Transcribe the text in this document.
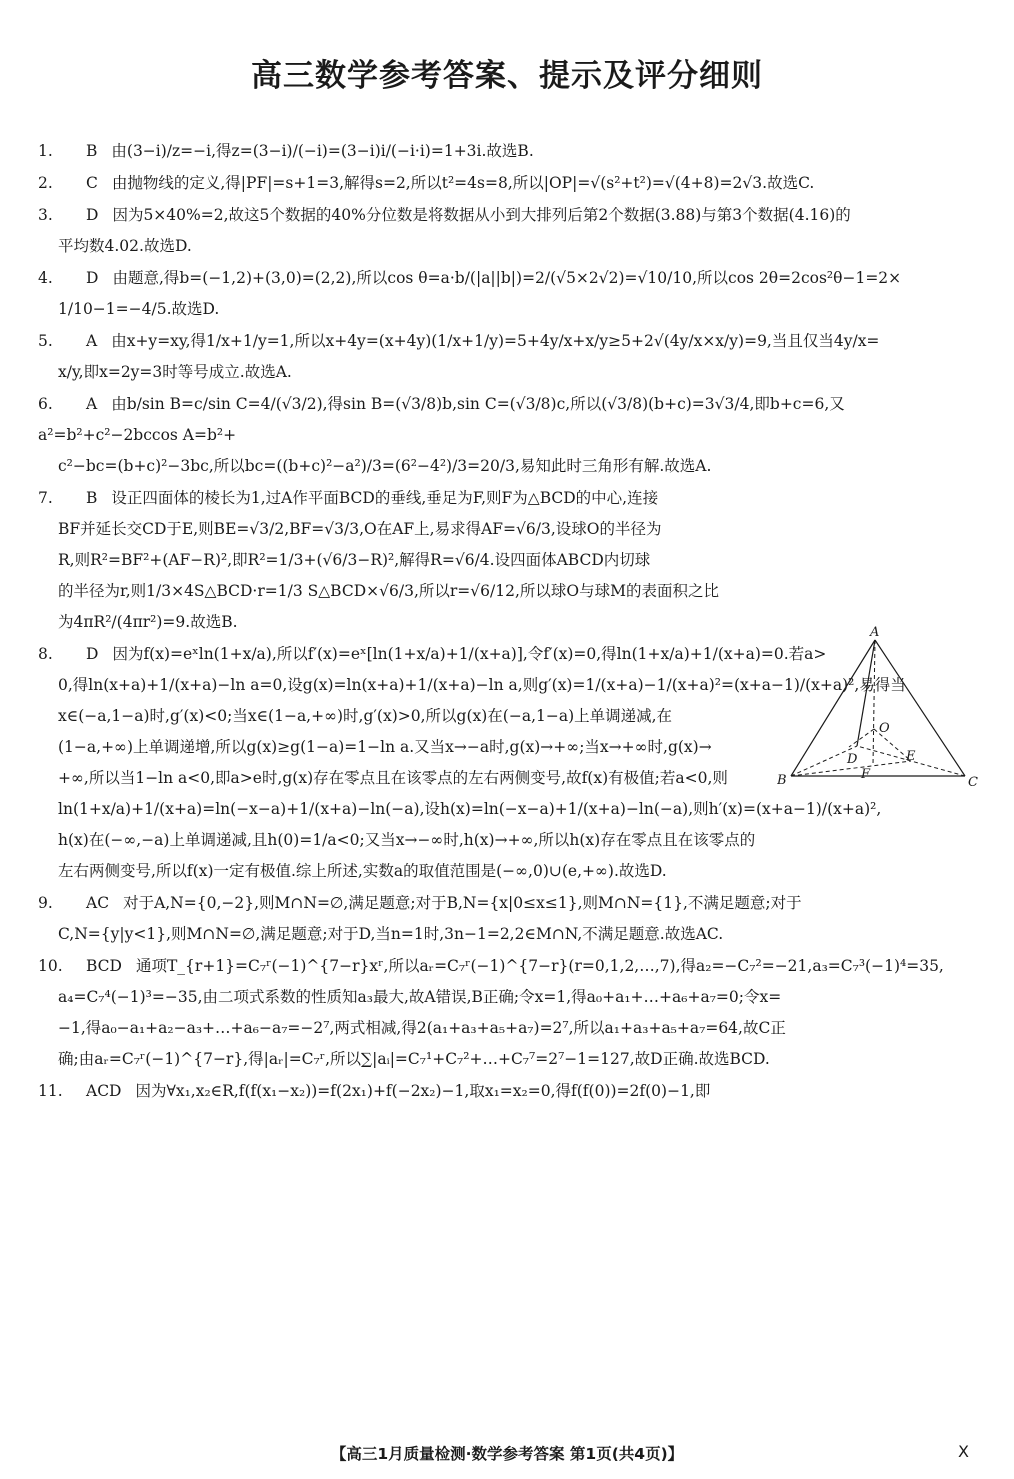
高三数学参考答案、提示及评分细则
1. B 由(3−i)/z=−i,得z=(3−i)/(−i)=(3−i)i/(−i·i)=1+3i.故选B.
2. C 由抛物线的定义,得|PF|=s+1=3,解得s=2,所以t²=4s=8,所以|OP|=√(s²+t²)=√(4+8)=2√3.故选C.
3. D 因为5×40%=2,故这5个数据的40%分位数是将数据从小到大排列后第2个数据(3.88)与第3个数据(4.16)的
平均数4.02.故选D.
4. D 由题意,得b=(−1,2)+(3,0)=(2,2),所以cos θ=a·b/(|a||b|)=2/(√5×2√2)=√10/10,所以cos 2θ=2cos²θ−1=2×
1/10−1=−4/5.故选D.
5. A 由x+y=xy,得1/x+1/y=1,所以x+4y=(x+4y)(1/x+1/y)=5+4y/x+x/y≥5+2√(4y/x×x/y)=9,当且仅当4y/x=
x/y,即x=2y=3时等号成立.故选A.
6. A 由b/sin B=c/sin C=4/(√3/2),得sin B=(√3/8)b,sin C=(√3/8)c,所以(√3/8)(b+c)=3√3/4,即b+c=6,又a²=b²+c²−2bccos A=b²+
c²−bc=(b+c)²−3bc,所以bc=((b+c)²−a²)/3=(6²−4²)/3=20/3,易知此时三角形有解.故选A.
7. B 设正四面体的棱长为1,过A作平面BCD的垂线,垂足为F,则F为△BCD的中心,连接
BF并延长交CD于E,则BE=√3/2,BF=√3/3,O在AF上,易求得AF=√6/3,设球O的半径为
R,则R²=BF²+(AF−R)²,即R²=1/3+(√6/3−R)²,解得R=√6/4.设四面体ABCD内切球
的半径为r,则1/3×4S△BCD·r=1/3 S△BCD×√6/3,所以r=√6/12,所以球O与球M的表面积之比
为4πR²/(4πr²)=9.故选B.
8. D 因为f(x)=eˣln(1+x/a),所以f′(x)=eˣ[ln(1+x/a)+1/(x+a)],令f′(x)=0,得ln(1+x/a)+1/(x+a)=0.若a>
0,得ln(x+a)+1/(x+a)−ln a=0,设g(x)=ln(x+a)+1/(x+a)−ln a,则g′(x)=1/(x+a)−1/(x+a)²=(x+a−1)/(x+a)²,易得当
x∈(−a,1−a)时,g′(x)<0;当x∈(1−a,+∞)时,g′(x)>0,所以g(x)在(−a,1−a)上单调递减,在
(1−a,+∞)上单调递增,所以g(x)≥g(1−a)=1−ln a.又当x→−a时,g(x)→+∞;当x→+∞时,g(x)→
+∞,所以当1−ln a<0,即a>e时,g(x)存在零点且在该零点的左右两侧变号,故f(x)有极值;若a<0,则
ln(1+x/a)+1/(x+a)=ln(−x−a)+1/(x+a)−ln(−a),设h(x)=ln(−x−a)+1/(x+a)−ln(−a),则h′(x)=(x+a−1)/(x+a)²,
h(x)在(−∞,−a)上单调递减,且h(0)=1/a<0;又当x→−∞时,h(x)→+∞,所以h(x)存在零点且在该零点的
左右两侧变号,所以f(x)一定有极值.综上所述,实数a的取值范围是(−∞,0)∪(e,+∞).故选D.
9. AC 对于A,N={0,−2},则M∩N=∅,满足题意;对于B,N={x|0≤x≤1},则M∩N={1},不满足题意;对于
C,N={y|y<1},则M∩N=∅,满足题意;对于D,当n=1时,3n−1=2,2∈M∩N,不满足题意.故选AC.
10. BCD 通项T_{r+1}=C₇ʳ(−1)^{7−r}xʳ,所以aᵣ=C₇ʳ(−1)^{7−r}(r=0,1,2,…,7),得a₂=−C₇²=−21,a₃=C₇³(−1)⁴=35,
a₄=C₇⁴(−1)³=−35,由二项式系数的性质知a₃最大,故A错误,B正确;令x=1,得a₀+a₁+…+a₆+a₇=0;令x=
−1,得a₀−a₁+a₂−a₃+…+a₆−a₇=−2⁷,两式相减,得2(a₁+a₃+a₅+a₇)=2⁷,所以a₁+a₃+a₅+a₇=64,故C正
确;由aᵣ=C₇ʳ(−1)^{7−r},得|aᵣ|=C₇ʳ,所以∑|aᵢ|=C₇¹+C₇²+…+C₇⁷=2⁷−1=127,故D正确.故选BCD.
11. ACD 因为∀x₁,x₂∈R,f(f(x₁−x₂))=f(2x₁)+f(−2x₂)−1,取x₁=x₂=0,得f(f(0))=2f(0)−1,即
A
B	C
D	E
F
O
【高三1月质量检测·数学参考答案 第1页(共4页)】	X
